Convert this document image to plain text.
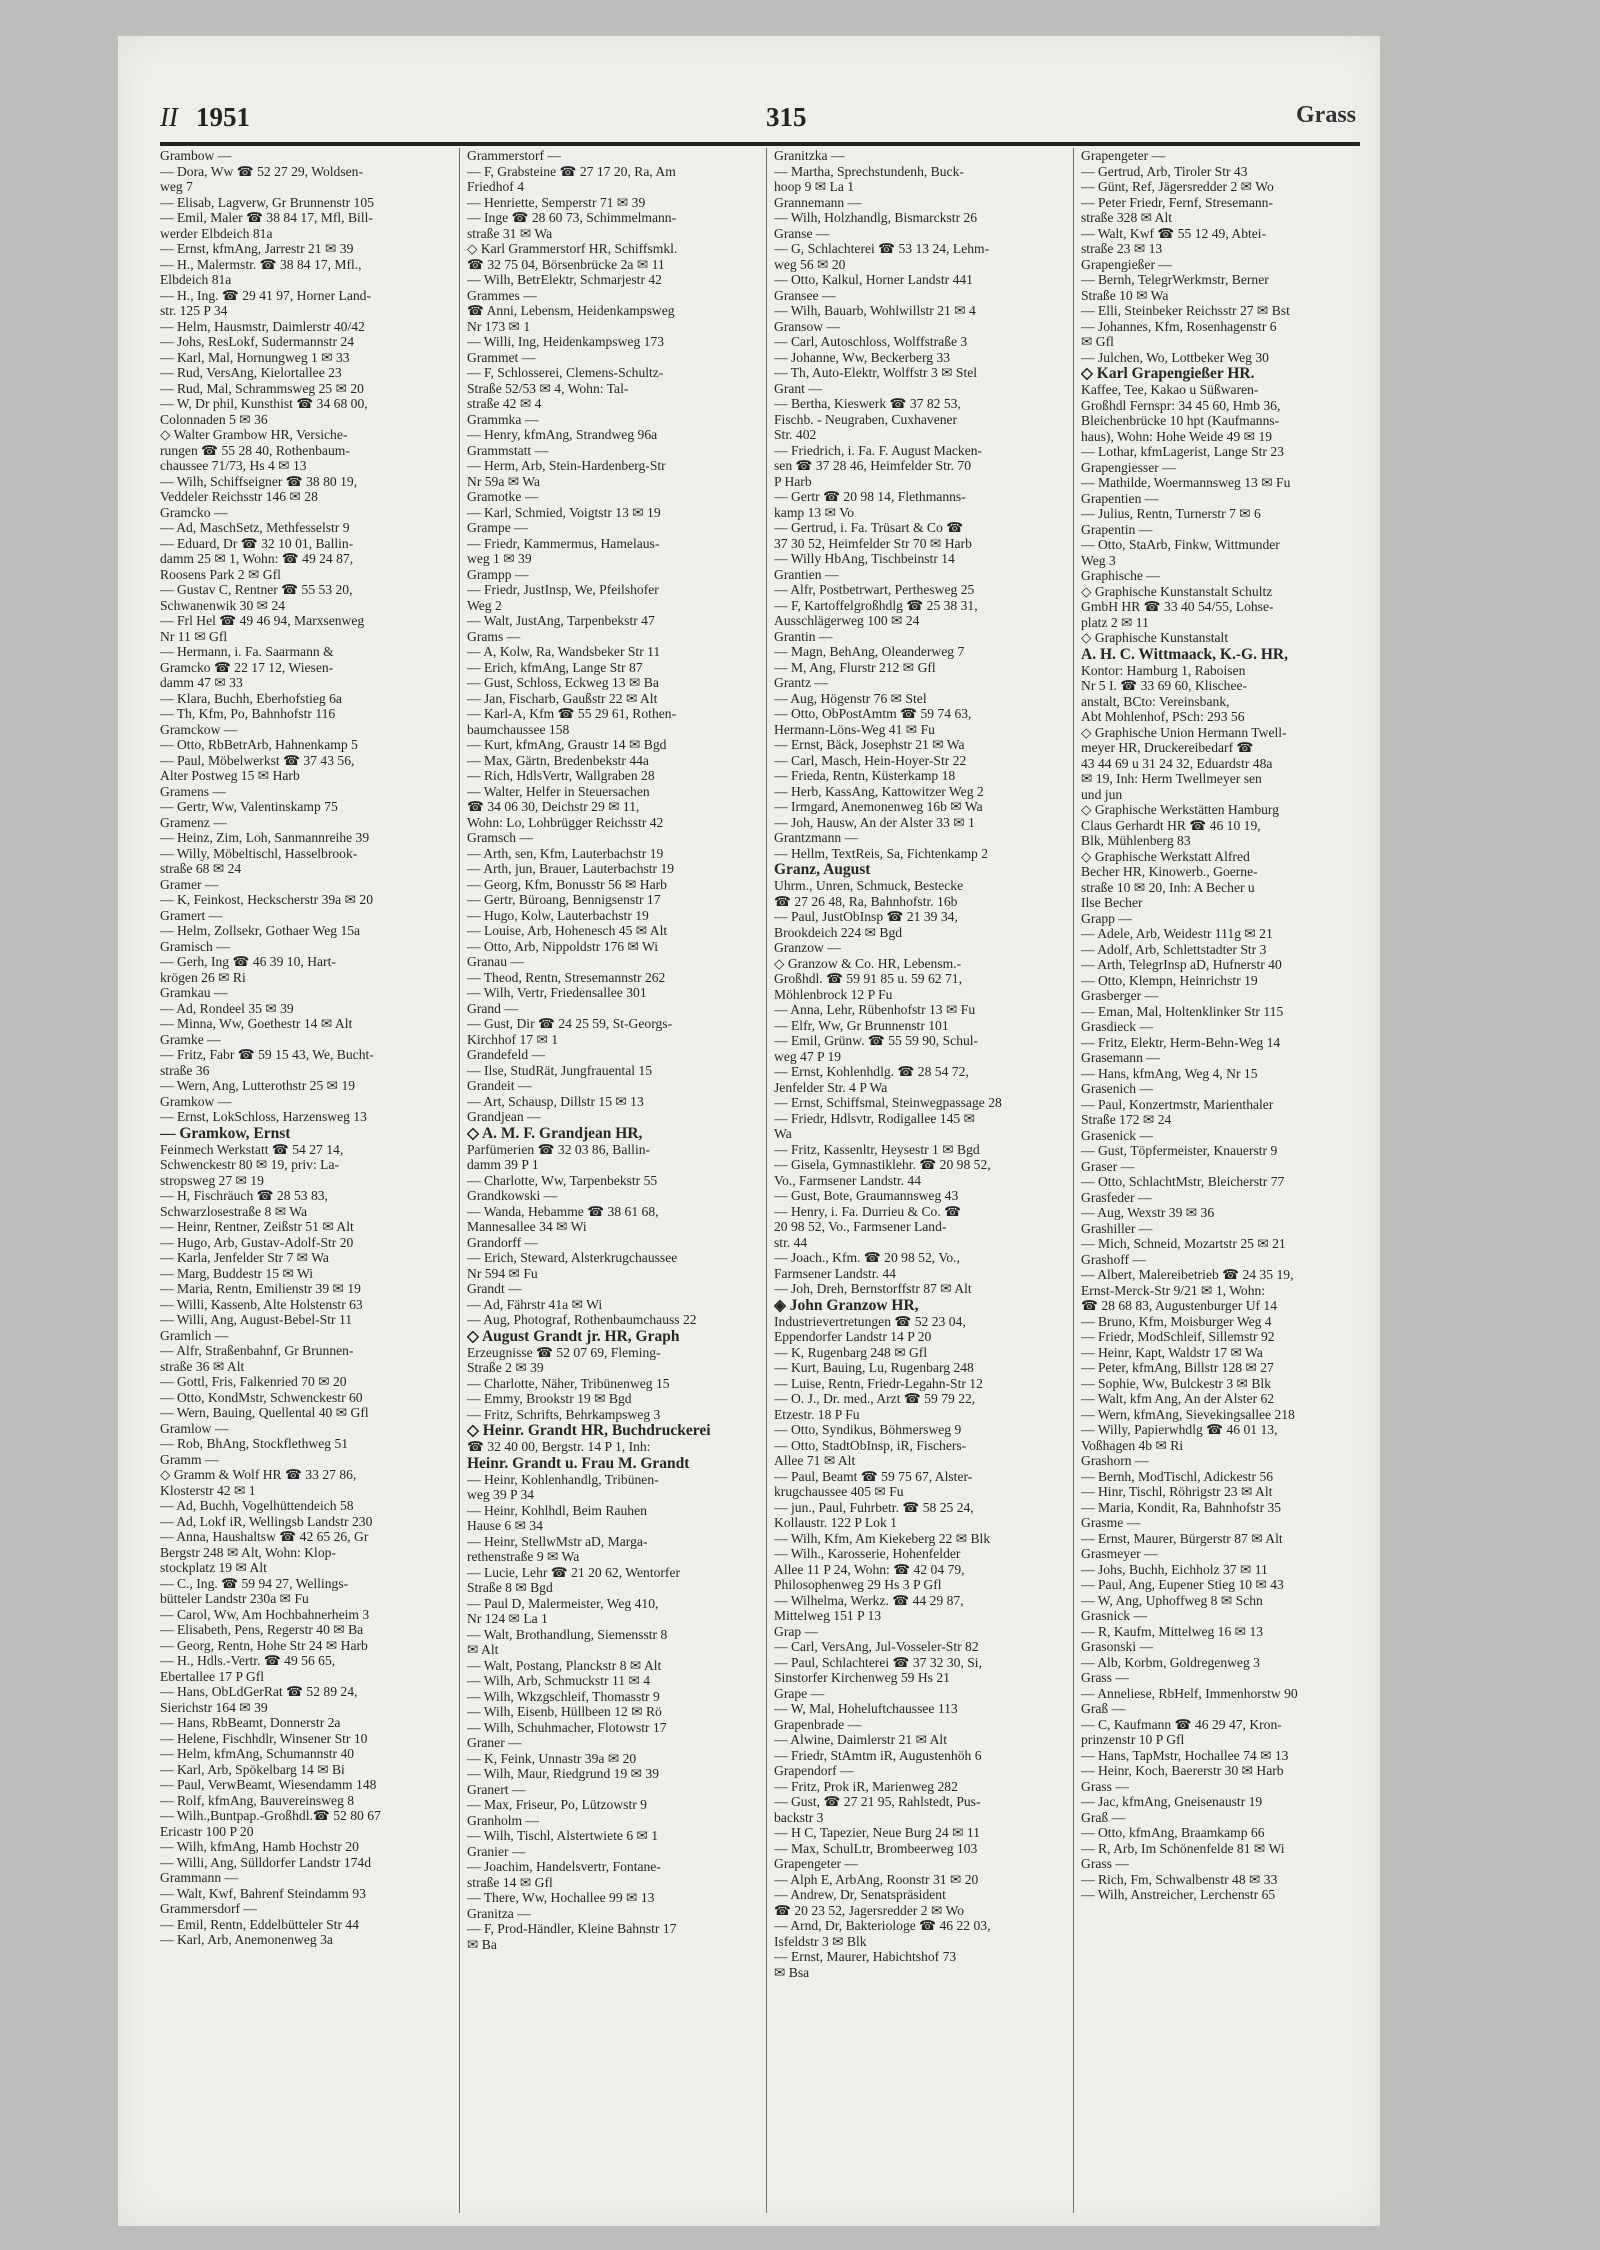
II 1951	315	Grass
Grambow —
— Dora, Ww ☎ 52 27 29, Woldsen-
weg 7
— Elisab, Lagverw, Gr Brunnenstr 105
— Emil, Maler ☎ 38 84 17, Mfl, Bill-
werder Elbdeich 81a
— Ernst, kfmAng, Jarrestr 21 ✉ 39
— H., Malermstr. ☎ 38 84 17, Mfl.,
Elbdeich 81a
— H., Ing. ☎ 29 41 97, Horner Land-
str. 125 P 34
— Helm, Hausmstr, Daimlerstr 40/42
— Johs, ResLokf, Sudermannstr 24
— Karl, Mal, Hornungweg 1 ✉ 33
— Rud, VersAng, Kielortallee 23
— Rud, Mal, Schrammsweg 25 ✉ 20
— W, Dr phil, Kunsthist ☎ 34 68 00,
Colonnaden 5 ✉ 36
◇ Walter Grambow HR, Versiche-
rungen ☎ 55 28 40, Rothenbaum-
chaussee 71/73, Hs 4 ✉ 13
— Wilh, Schiffseigner ☎ 38 80 19,
Veddeler Reichsstr 146 ✉ 28
Gramcko —
— Ad, MaschSetz, Methfesselstr 9
— Eduard, Dr ☎ 32 10 01, Ballin-
damm 25 ✉ 1, Wohn: ☎ 49 24 87,
Roosens Park 2 ✉ Gfl
— Gustav C, Rentner ☎ 55 53 20,
Schwanenwik 30 ✉ 24
— Frl Hel ☎ 49 46 94, Marxsenweg
Nr 11 ✉ Gfl
— Hermann, i. Fa. Saarmann &
Gramcko ☎ 22 17 12, Wiesen-
damm 47 ✉ 33
— Klara, Buchh, Eberhofstieg 6a
— Th, Kfm, Po, Bahnhofstr 116
Gramckow —
— Otto, RbBetrArb, Hahnenkamp 5
— Paul, Möbelwerkst ☎ 37 43 56,
Alter Postweg 15 ✉ Harb
Gramens —
— Gertr, Ww, Valentinskamp 75
Gramenz —
— Heinz, Zim, Loh, Sanmannreihe 39
— Willy, Möbeltischl, Hasselbrook-
straße 68 ✉ 24
Gramer —
— K, Feinkost, Heckscherstr 39a ✉ 20
Gramert —
— Helm, Zollsekr, Gothaer Weg 15a
Gramisch —
— Gerh, Ing ☎ 46 39 10, Hart-
krögen 26 ✉ Ri
Gramkau —
— Ad, Rondeel 35 ✉ 39
— Minna, Ww, Goethestr 14 ✉ Alt
Gramke —
— Fritz, Fabr ☎ 59 15 43, We, Bucht-
straße 36
— Wern, Ang, Lutterothstr 25 ✉ 19
Gramkow —
— Ernst, LokSchloss, Harzensweg 13
— Gramkow, Ernst
Feinmech Werkstatt ☎ 54 27 14,
Schwenckestr 80 ✉ 19, priv: La-
stropsweg 27 ✉ 19
— H, Fischräuch ☎ 28 53 83,
Schwarzlosestraße 8 ✉ Wa
— Heinr, Rentner, Zeißstr 51 ✉ Alt
— Hugo, Arb, Gustav-Adolf-Str 20
— Karla, Jenfelder Str 7 ✉ Wa
— Marg, Buddestr 15 ✉ Wi
— Maria, Rentn, Emilienstr 39 ✉ 19
— Willi, Kassenb, Alte Holstenstr 63
— Willi, Ang, August-Bebel-Str 11
Gramlich —
— Alfr, Straßenbahnf, Gr Brunnen-
straße 36 ✉ Alt
— Gottl, Fris, Falkenried 70 ✉ 20
— Otto, KondMstr, Schwenckestr 60
— Wern, Bauing, Quellental 40 ✉ Gfl
Gramlow —
— Rob, BhAng, Stockflethweg 51
Gramm —
◇ Gramm & Wolf HR ☎ 33 27 86,
Klosterstr 42 ✉ 1
— Ad, Buchh, Vogelhüttendeich 58
— Ad, Lokf iR, Wellingsb Landstr 230
— Anna, Haushaltsw ☎ 42 65 26, Gr
Bergstr 248 ✉ Alt, Wohn: Klop-
stockplatz 19 ✉ Alt
— C., Ing. ☎ 59 94 27, Wellings-
bütteler Landstr 230a ✉ Fu
— Carol, Ww, Am Hochbahnerheim 3
— Elisabeth, Pens, Regerstr 40 ✉ Ba
— Georg, Rentn, Hohe Str 24 ✉ Harb
— H., Hdls.-Vertr. ☎ 49 56 65,
Ebertallee 17 P Gfl
— Hans, ObLdGerRat ☎ 52 89 24,
Sierichstr 164 ✉ 39
— Hans, RbBeamt, Donnerstr 2a
— Helene, Fischhdlr, Winsener Str 10
— Helm, kfmAng, Schumannstr 40
— Karl, Arb, Spökelbarg 14 ✉ Bi
— Paul, VerwBeamt, Wiesendamm 148
— Rolf, kfmAng, Bauvereinsweg 8
— Wilh.,Buntpap.-Großhdl.☎ 52 80 67
Ericastr 100 P 20
— Wilh, kfmAng, Hamb Hochstr 20
— Willi, Ang, Sülldorfer Landstr 174d
Grammann —
— Walt, Kwf, Bahrenf Steindamm 93
Grammersdorf —
— Emil, Rentn, Eddelbütteler Str 44
— Karl, Arb, Anemonenweg 3a
Grammerstorf —
— F, Grabsteine ☎ 27 17 20, Ra, Am
Friedhof 4
— Henriette, Semperstr 71 ✉ 39
— Inge ☎ 28 60 73, Schimmelmann-
straße 31 ✉ Wa
◇ Karl Grammerstorf HR, Schiffsmkl.
☎ 32 75 04, Börsenbrücke 2a ✉ 11
— Wilh, BetrElektr, Schmarjestr 42
Grammes —
☎ Anni, Lebensm, Heidenkampsweg
Nr 173 ✉ 1
— Willi, Ing, Heidenkampsweg 173
Grammet —
— F, Schlosserei, Clemens-Schultz-
Straße 52/53 ✉ 4, Wohn: Tal-
straße 42 ✉ 4
Grammka —
— Henry, kfmAng, Strandweg 96a
Grammstatt —
— Herm, Arb, Stein-Hardenberg-Str
Nr 59a ✉ Wa
Gramotke —
— Karl, Schmied, Voigtstr 13 ✉ 19
Grampe —
— Friedr, Kammermus, Hamelaus-
weg 1 ✉ 39
Grampp —
— Friedr, JustInsp, We, Pfeilshofer
Weg 2
— Walt, JustAng, Tarpenbekstr 47
Grams —
— A, Kolw, Ra, Wandsbeker Str 11
— Erich, kfmAng, Lange Str 87
— Gust, Schloss, Eckweg 13 ✉ Ba
— Jan, Fischarb, Gaußstr 22 ✉ Alt
— Karl-A, Kfm ☎ 55 29 61, Rothen-
baumchaussee 158
— Kurt, kfmAng, Graustr 14 ✉ Bgd
— Max, Gärtn, Bredenbekstr 44a
— Rich, HdlsVertr, Wallgraben 28
— Walter, Helfer in Steuersachen
☎ 34 06 30, Deichstr 29 ✉ 11,
Wohn: Lo, Lohbrügger Reichsstr 42
Gramsch —
— Arth, sen, Kfm, Lauterbachstr 19
— Arth, jun, Brauer, Lauterbachstr 19
— Georg, Kfm, Bonusstr 56 ✉ Harb
— Gertr, Büroang, Bennigsenstr 17
— Hugo, Kolw, Lauterbachstr 19
— Louise, Arb, Hohenesch 45 ✉ Alt
— Otto, Arb, Nippoldstr 176 ✉ Wi
Granau —
— Theod, Rentn, Stresemannstr 262
— Wilh, Vertr, Friedensallee 301
Grand —
— Gust, Dir ☎ 24 25 59, St-Georgs-
Kirchhof 17 ✉ 1
Grandefeld —
— Ilse, StudRät, Jungfrauental 15
Grandeit —
— Art, Schausp, Dillstr 15 ✉ 13
Grandjean —
◇ A. M. F. Grandjean HR,
Parfümerien ☎ 32 03 86, Ballin-
damm 39 P 1
— Charlotte, Ww, Tarpenbekstr 55
Grandkowski —
— Wanda, Hebamme ☎ 38 61 68,
Mannesallee 34 ✉ Wi
Grandorff —
— Erich, Steward, Alsterkrugchaussee
Nr 594 ✉ Fu
Grandt —
— Ad, Fährstr 41a ✉ Wi
— Aug, Photograf, Rothenbaumchauss 22
◇ August Grandt jr. HR, Graph
Erzeugnisse ☎ 52 07 69, Fleming-
Straße 2 ✉ 39
— Charlotte, Näher, Tribünenweg 15
— Emmy, Brookstr 19 ✉ Bgd
— Fritz, Schrifts, Behrkampsweg 3
◇ Heinr. Grandt HR, Buchdruckerei
☎ 32 40 00, Bergstr. 14 P 1, Inh:
Heinr. Grandt u. Frau M. Grandt
— Heinr, Kohlenhandlg, Tribünen-
weg 39 P 34
— Heinr, Kohlhdl, Beim Rauhen
Hause 6 ✉ 34
— Heinr, StellwMstr aD, Marga-
rethenstraße 9 ✉ Wa
— Lucie, Lehr ☎ 21 20 62, Wentorfer
Straße 8 ✉ Bgd
— Paul D, Malermeister, Weg 410,
Nr 124 ✉ La 1
— Walt, Brothandlung, Siemensstr 8
✉ Alt
— Walt, Postang, Planckstr 8 ✉ Alt
— Wilh, Arb, Schmuckstr 11 ✉ 4
— Wilh, Wkzgschleif, Thomasstr 9
— Wilh, Eisenb, Hüllbeen 12 ✉ Rö
— Wilh, Schuhmacher, Flotowstr 17
Graner —
— K, Feink, Unnastr 39a ✉ 20
— Wilh, Maur, Riedgrund 19 ✉ 39
Granert —
— Max, Friseur, Po, Lützowstr 9
Granholm —
— Wilh, Tischl, Alstertwiete 6 ✉ 1
Granier —
— Joachim, Handelsvertr, Fontane-
straße 14 ✉ Gfl
— There, Ww, Hochallee 99 ✉ 13
Granitza —
— F, Prod-Händler, Kleine Bahnstr 17
✉ Ba
Granitzka —
— Martha, Sprechstundenh, Buck-
hoop 9 ✉ La 1
Grannemann —
— Wilh, Holzhandlg, Bismarckstr 26
Granse —
— G, Schlachterei ☎ 53 13 24, Lehm-
weg 56 ✉ 20
— Otto, Kalkul, Horner Landstr 441
Gransee —
— Wilh, Bauarb, Wohlwillstr 21 ✉ 4
Gransow —
— Carl, Autoschloss, Wolffstraße 3
— Johanne, Ww, Beckerberg 33
— Th, Auto-Elektr, Wolffstr 3 ✉ Stel
Grant —
— Bertha, Kieswerk ☎ 37 82 53,
Fischb. - Neugraben, Cuxhavener
Str. 402
— Friedrich, i. Fa. F. August Macken-
sen ☎ 37 28 46, Heimfelder Str. 70
P Harb
— Gertr ☎ 20 98 14, Flethmanns-
kamp 13 ✉ Vo
— Gertrud, i. Fa. Trüsart & Co ☎
37 30 52, Heimfelder Str 70 ✉ Harb
— Willy HbAng, Tischbeinstr 14
Grantien —
— Alfr, Postbetrwart, Perthesweg 25
— F, Kartoffelgroßhdlg ☎ 25 38 31,
Ausschlägerweg 100 ✉ 24
Grantin —
— Magn, BehAng, Oleanderweg 7
— M, Ang, Flurstr 212 ✉ Gfl
Grantz —
— Aug, Högenstr 76 ✉ Stel
— Otto, ObPostAmtm ☎ 59 74 63,
Hermann-Löns-Weg 41 ✉ Fu
— Ernst, Bäck, Josephstr 21 ✉ Wa
— Carl, Masch, Hein-Hoyer-Str 22
— Frieda, Rentn, Küsterkamp 18
— Herb, KassAng, Kattowitzer Weg 2
— Irmgard, Anemonenweg 16b ✉ Wa
— Joh, Hausw, An der Alster 33 ✉ 1
Grantzmann —
— Hellm, TextReis, Sa, Fichtenkamp 2
Granz, August
Uhrm., Unren, Schmuck, Bestecke
☎ 27 26 48, Ra, Bahnhofstr. 16b
— Paul, JustObInsp ☎ 21 39 34,
Brookdeich 224 ✉ Bgd
Granzow —
◇ Granzow & Co. HR, Lebensm.-
Großhdl. ☎ 59 91 85 u. 59 62 71,
Möhlenbrock 12 P Fu
— Anna, Lehr, Rübenhofstr 13 ✉ Fu
— Elfr, Ww, Gr Brunnenstr 101
— Emil, Grünw. ☎ 55 59 90, Schul-
weg 47 P 19
— Ernst, Kohlenhdlg. ☎ 28 54 72,
Jenfelder Str. 4 P Wa
— Ernst, Schiffsmal, Steinwegpassage 28
— Friedr, Hdlsvtr, Rodigallee 145 ✉
Wa
— Fritz, Kassenltr, Heysestr 1 ✉ Bgd
— Gisela, Gymnastiklehr. ☎ 20 98 52,
Vo., Farmsener Landstr. 44
— Gust, Bote, Graumannsweg 43
— Henry, i. Fa. Durrieu & Co. ☎
20 98 52, Vo., Farmsener Land-
str. 44
— Joach., Kfm. ☎ 20 98 52, Vo.,
Farmsener Landstr. 44
— Joh, Dreh, Bernstorffstr 87 ✉ Alt
◈ John Granzow HR,
Industrievertretungen ☎ 52 23 04,
Eppendorfer Landstr 14 P 20
— K, Rugenbarg 248 ✉ Gfl
— Kurt, Bauing, Lu, Rugenbarg 248
— Luise, Rentn, Friedr-Legahn-Str 12
— O. J., Dr. med., Arzt ☎ 59 79 22,
Etzestr. 18 P Fu
— Otto, Syndikus, Böhmersweg 9
— Otto, StadtObInsp, iR, Fischers-
Allee 71 ✉ Alt
— Paul, Beamt ☎ 59 75 67, Alster-
krugchaussee 405 ✉ Fu
— jun., Paul, Fuhrbetr. ☎ 58 25 24,
Kollaustr. 122 P Lok 1
— Wilh, Kfm, Am Kiekeberg 22 ✉ Blk
— Wilh., Karosserie, Hohenfelder
Allee 11 P 24, Wohn: ☎ 42 04 79,
Philosophenweg 29 Hs 3 P Gfl
— Wilhelma, Werkz. ☎ 44 29 87,
Mittelweg 151 P 13
Grap —
— Carl, VersAng, Jul-Vosseler-Str 82
— Paul, Schlachterei ☎ 37 32 30, Si,
Sinstorfer Kirchenweg 59 Hs 21
Grape —
— W, Mal, Hoheluftchaussee 113
Grapenbrade —
— Alwine, Daimlerstr 21 ✉ Alt
— Friedr, StAmtm iR, Augustenhöh 6
Grapendorf —
— Fritz, Prok iR, Marienweg 282
— Gust, ☎ 27 21 95, Rahlstedt, Pus-
backstr 3
— H C, Tapezier, Neue Burg 24 ✉ 11
— Max, SchulLtr, Brombeerweg 103
Grapengeter —
— Alph E, ArbAng, Roonstr 31 ✉ 20
— Andrew, Dr, Senatspräsident
☎ 20 23 52, Jagersredder 2 ✉ Wo
— Arnd, Dr, Bakteriologe ☎ 46 22 03,
Isfeldstr 3 ✉ Blk
— Ernst, Maurer, Habichtshof 73
✉ Bsa
Grapengeter —
— Gertrud, Arb, Tiroler Str 43
— Günt, Ref, Jägersredder 2 ✉ Wo
— Peter Friedr, Fernf, Stresemann-
straße 328 ✉ Alt
— Walt, Kwf ☎ 55 12 49, Abtei-
straße 23 ✉ 13
Grapengießer —
— Bernh, TelegrWerkmstr, Berner
Straße 10 ✉ Wa
— Elli, Steinbeker Reichsstr 27 ✉ Bst
— Johannes, Kfm, Rosenhagenstr 6
✉ Gfl
— Julchen, Wo, Lottbeker Weg 30
◇ Karl Grapengießer HR.
Kaffee, Tee, Kakao u Süßwaren-
Großhdl Fernspr: 34 45 60, Hmb 36,
Bleichenbrücke 10 hpt (Kaufmanns-
haus), Wohn: Hohe Weide 49 ✉ 19
— Lothar, kfmLagerist, Lange Str 23
Grapengiesser —
— Mathilde, Woermannsweg 13 ✉ Fu
Grapentien —
— Julius, Rentn, Turnerstr 7 ✉ 6
Grapentin —
— Otto, StaArb, Finkw, Wittmunder
Weg 3
Graphische —
◇ Graphische Kunstanstalt Schultz
GmbH HR ☎ 33 40 54/55, Lohse-
platz 2 ✉ 11
◇ Graphische Kunstanstalt
A. H. C. Wittmaack, K.-G. HR,
Kontor: Hamburg 1, Raboisen
Nr 5 I. ☎ 33 69 60, Klischee-
anstalt, BCto: Vereinsbank,
Abt Mohlenhof, PSch: 293 56
◇ Graphische Union Hermann Twell-
meyer HR, Druckereibedarf ☎
43 44 69 u 31 24 32, Eduardstr 48a
✉ 19, Inh: Herm Twellmeyer sen
und jun
◇ Graphische Werkstätten Hamburg
Claus Gerhardt HR ☎ 46 10 19,
Blk, Mühlenberg 83
◇ Graphische Werkstatt Alfred
Becher HR, Kinowerb., Goerne-
straße 10 ✉ 20, Inh: A Becher u
Ilse Becher
Grapp —
— Adele, Arb, Weidestr 111g ✉ 21
— Adolf, Arb, Schlettstadter Str 3
— Arth, TelegrInsp aD, Hufnerstr 40
— Otto, Klempn, Heinrichstr 19
Grasberger —
— Eman, Mal, Holtenklinker Str 115
Grasdieck —
— Fritz, Elektr, Herm-Behn-Weg 14
Grasemann —
— Hans, kfmAng, Weg 4, Nr 15
Grasenich —
— Paul, Konzertmstr, Marienthaler
Straße 172 ✉ 24
Grasenick —
— Gust, Töpfermeister, Knauerstr 9
Graser —
— Otto, SchlachtMstr, Bleicherstr 77
Grasfeder —
— Aug, Wexstr 39 ✉ 36
Grashiller —
— Mich, Schneid, Mozartstr 25 ✉ 21
Grashoff —
— Albert, Malereibetrieb ☎ 24 35 19,
Ernst-Merck-Str 9/21 ✉ 1, Wohn:
☎ 28 68 83, Augustenburger Uf 14
— Bruno, Kfm, Moisburger Weg 4
— Friedr, ModSchleif, Sillemstr 92
— Heinr, Kapt, Waldstr 17 ✉ Wa
— Peter, kfmAng, Billstr 128 ✉ 27
— Sophie, Ww, Bulckestr 3 ✉ Blk
— Walt, kfm Ang, An der Alster 62
— Wern, kfmAng, Sievekingsallee 218
— Willy, Papierwhdlg ☎ 46 01 13,
Voßhagen 4b ✉ Ri
Grashorn —
— Bernh, ModTischl, Adickestr 56
— Hinr, Tischl, Röhrigstr 23 ✉ Alt
— Maria, Kondit, Ra, Bahnhofstr 35
Grasme —
— Ernst, Maurer, Bürgerstr 87 ✉ Alt
Grasmeyer —
— Johs, Buchh, Eichholz 37 ✉ 11
— Paul, Ang, Eupener Stieg 10 ✉ 43
— W, Ang, Uphoffweg 8 ✉ Schn
Grasnick —
— R, Kaufm, Mittelweg 16 ✉ 13
Grasonski —
— Alb, Korbm, Goldregenweg 3
Grass —
— Anneliese, RbHelf, Immenhorstw 90
Graß —
— C, Kaufmann ☎ 46 29 47, Kron-
prinzenstr 10 P Gfl
— Hans, TapMstr, Hochallee 74 ✉ 13
— Heinr, Koch, Baererstr 30 ✉ Harb
Grass —
— Jac, kfmAng, Gneisenaustr 19
Graß —
— Otto, kfmAng, Braamkamp 66
— R, Arb, Im Schönenfelde 81 ✉ Wi
Grass —
— Rich, Fm, Schwalbenstr 48 ✉ 33
— Wilh, Anstreicher, Lerchenstr 65
